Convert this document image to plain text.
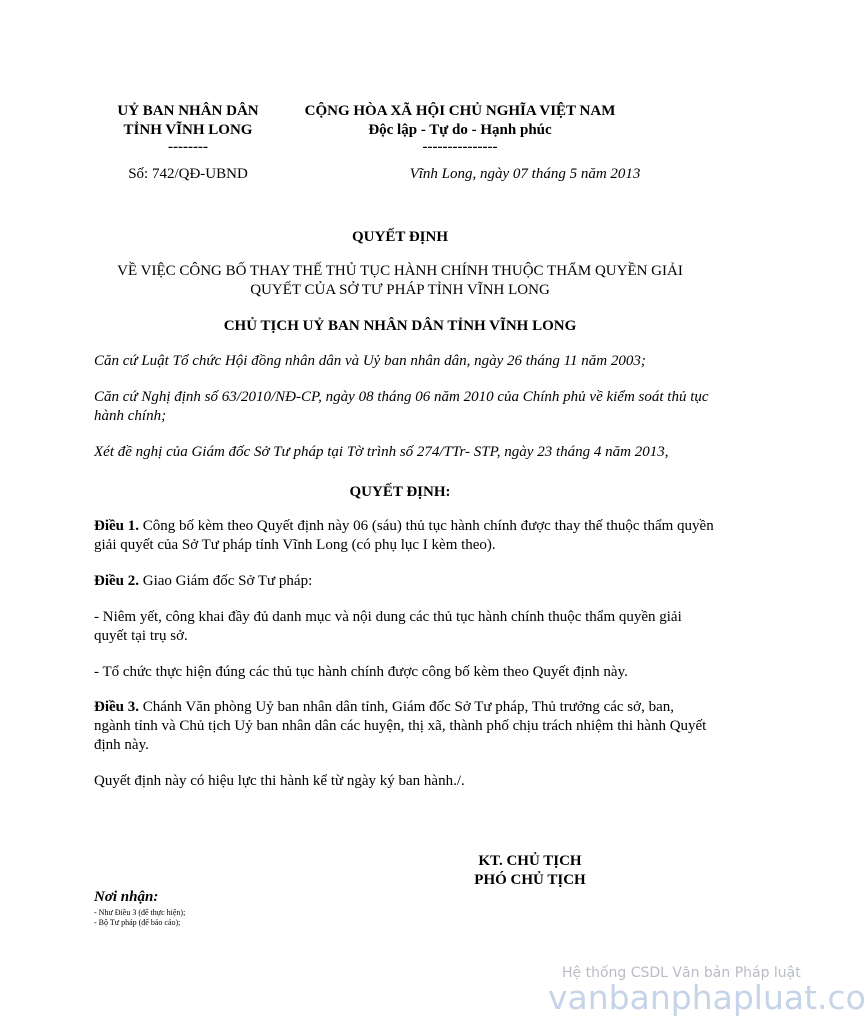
UỶ BAN NHÂN DÂN
TỈNH VĨNH LONG
--------
CỘNG HÒA XÃ HỘI CHỦ NGHĨA VIỆT NAM
Độc lập - Tự do - Hạnh phúc
---------------
Số: 742/QĐ-UBND	Vĩnh Long, ngày 07 tháng 5 năm 2013
QUYẾT ĐỊNH
VỀ VIỆC CÔNG BỐ THAY THẾ THỦ TỤC HÀNH CHÍNH THUỘC THẨM QUYỀN GIẢI QUYẾT CỦA SỞ TƯ PHÁP TỈNH VĨNH LONG
CHỦ TỊCH UỶ BAN NHÂN DÂN TỈNH VĨNH LONG
Căn cứ Luật Tổ chức Hội đồng nhân dân và Uỷ ban nhân dân, ngày 26 tháng 11 năm 2003;
Căn cứ Nghị định số 63/2010/NĐ-CP, ngày 08 tháng 06 năm 2010 của Chính phủ về kiểm soát thủ tục hành chính;
Xét đề nghị của Giám đốc Sở Tư pháp tại Tờ trình số 274/TTr- STP, ngày 23 tháng 4 năm 2013,
QUYẾT ĐỊNH:
Điều 1. Công bố kèm theo Quyết định này 06 (sáu) thủ tục hành chính được thay thế thuộc thẩm quyền giải quyết của Sở Tư pháp tỉnh Vĩnh Long (có phụ lục I kèm theo).
Điều 2. Giao Giám đốc Sở Tư pháp:
- Niêm yết, công khai đầy đủ danh mục và nội dung các thủ tục hành chính thuộc thẩm quyền giải quyết tại trụ sở.
- Tổ chức thực hiện đúng các thủ tục hành chính được công bố kèm theo Quyết định này.
Điều 3. Chánh Văn phòng Uỷ ban nhân dân tỉnh, Giám đốc Sở Tư pháp, Thủ trưởng các sở, ban, ngành tỉnh và Chủ tịch Uỷ ban nhân dân các huyện, thị xã, thành phố chịu trách nhiệm thi hành Quyết định này.
Quyết định này có hiệu lực thi hành kể từ ngày ký ban hành./.
KT. CHỦ TỊCH
PHÓ CHỦ TỊCH
Nơi nhận:
- Như Điều 3 (để thực hiện);
- Bộ Tư pháp (để báo cáo);
Hệ thống CSDL Văn bản Pháp luật
vanbanphapluat.co
